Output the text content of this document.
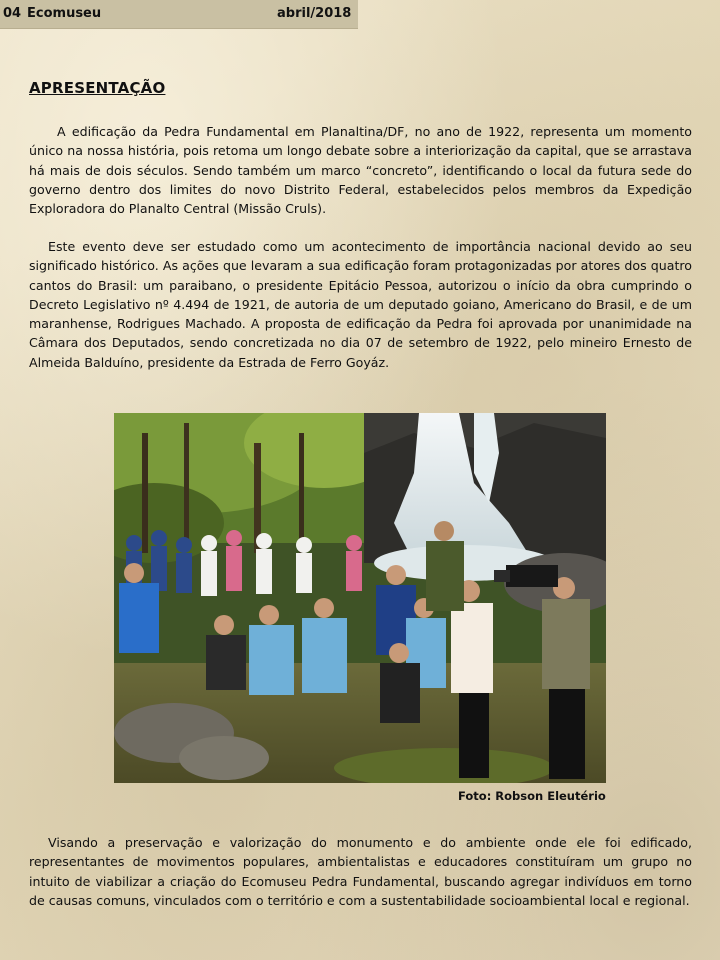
04 Ecomuseu	abril/2018
APRESENTAÇÃO

A edificação da Pedra Fundamental em Planaltina/DF, no ano de 1922, representa um momento único na nossa história, pois retoma um longo debate sobre a interiorização da capital, que se arrastava há mais de dois séculos. Sendo também um marco “concreto”, identificando o local da futura sede do governo dentro dos limites do novo Distrito Federal, estabelecidos pelos membros da Expedição Exploradora do Planalto Central (Missão Cruls).

Este evento deve ser estudado como um acontecimento de importância nacional devido ao seu significado histórico. As ações que levaram a sua edificação foram protagonizadas por atores dos quatro cantos do Brasil: um paraibano, o presidente Epitácio Pessoa, autorizou o início da obra cumprindo o Decreto Legislativo nº 4.494 de 1921, de autoria de um deputado goiano, Americano do Brasil, e de um maranhense, Rodrigues Machado. A proposta de edificação da Pedra foi aprovada por unanimidade na Câmara dos Deputados, sendo concretizada no dia 07 de setembro de 1922, pelo mineiro Ernesto de Almeida Balduíno, presidente da Estrada de Ferro Goyáz.

Foto: Robson Eleutério

Visando a preservação e valorização do monumento e do ambiente onde ele foi edificado, representantes de movimentos populares, ambientalistas e educadores constituíram um grupo no intuito de viabilizar a criação do Ecomuseu Pedra Fundamental, buscando agregar indivíduos em torno de causas comuns, vinculados com o território e com a sustentabilidade socioambiental local e regional.
